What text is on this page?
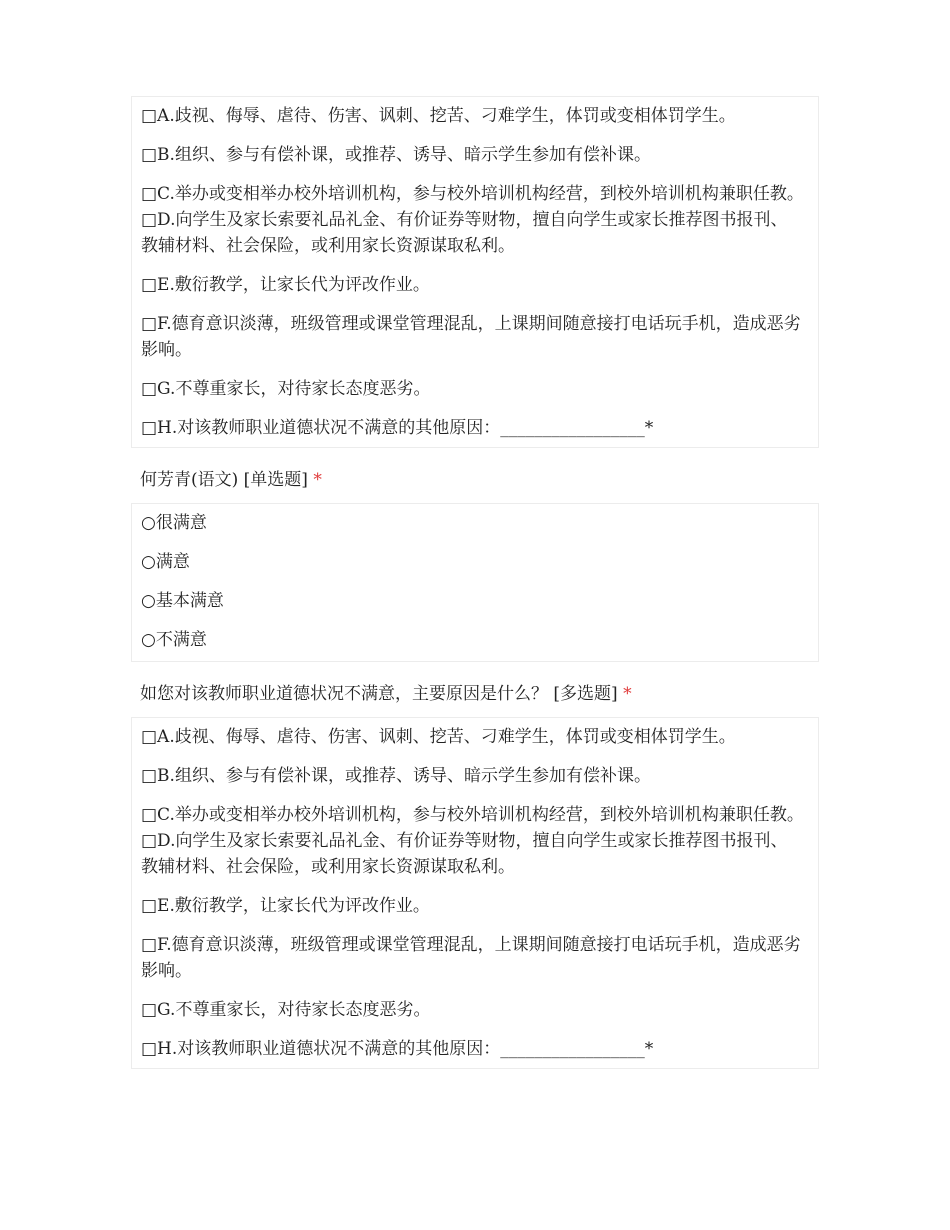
□A.歧视、侮辱、虐待、伤害、讽刺、挖苦、刁难学生，体罚或变相体罚学生。

□B.组织、参与有偿补课，或推荐、诱导、暗示学生参加有偿补课。

□C.举办或变相举办校外培训机构，参与校外培训机构经营，到校外培训机构兼职任教。

□D.向学生及家长索要礼品礼金、有价证券等财物，擅自向学生或家长推荐图书报刊、教辅材料、社会保险，或利用家长资源谋取私利。

□E.敷衍教学，让家长代为评改作业。

□F.德育意识淡薄，班级管理或课堂管理混乱，上课期间随意接打电话玩手机，造成恶劣影响。

□G.不尊重家长，对待家长态度恶劣。

□H.对该教师职业道德状况不满意的其他原因：_________________*

何芳青(语文) [单选题] *

○很满意

○满意

○基本满意

○不满意

如您对该教师职业道德状况不满意，主要原因是什么？ [多选题] *

□A.歧视、侮辱、虐待、伤害、讽刺、挖苦、刁难学生，体罚或变相体罚学生。

□B.组织、参与有偿补课，或推荐、诱导、暗示学生参加有偿补课。

□C.举办或变相举办校外培训机构，参与校外培训机构经营，到校外培训机构兼职任教。

□D.向学生及家长索要礼品礼金、有价证券等财物，擅自向学生或家长推荐图书报刊、教辅材料、社会保险，或利用家长资源谋取私利。

□E.敷衍教学，让家长代为评改作业。

□F.德育意识淡薄，班级管理或课堂管理混乱，上课期间随意接打电话玩手机，造成恶劣影响。

□G.不尊重家长，对待家长态度恶劣。

□H.对该教师职业道德状况不满意的其他原因：_________________*
